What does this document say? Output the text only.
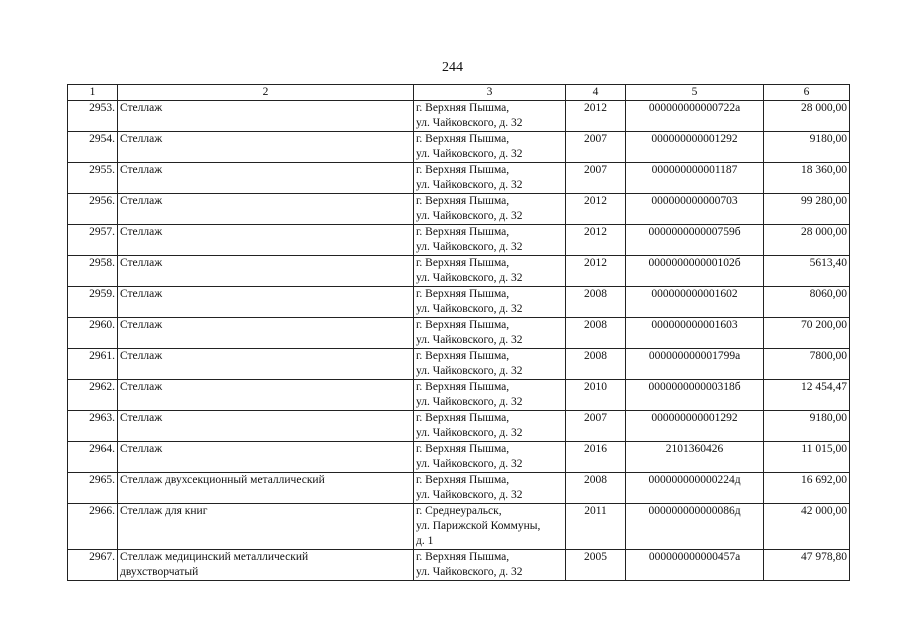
244
1	2	3	4	5	6
2953.	Стеллаж	г. Верхняя Пышма,
ул. Чайковского, д. 32	2012	000000000000722а	28 000,00
2954.	Стеллаж	г. Верхняя Пышма,
ул. Чайковского, д. 32	2007	000000000001292	9180,00
2955.	Стеллаж	г. Верхняя Пышма,
ул. Чайковского, д. 32	2007	000000000001187	18 360,00
2956.	Стеллаж	г. Верхняя Пышма,
ул. Чайковского, д. 32	2012	000000000000703	99 280,00
2957.	Стеллаж	г. Верхняя Пышма,
ул. Чайковского, д. 32	2012	000000000000759б	28 000,00
2958.	Стеллаж	г. Верхняя Пышма,
ул. Чайковского, д. 32	2012	000000000000102б	5613,40
2959.	Стеллаж	г. Верхняя Пышма,
ул. Чайковского, д. 32	2008	000000000001602	8060,00
2960.	Стеллаж	г. Верхняя Пышма,
ул. Чайковского, д. 32	2008	000000000001603	70 200,00
2961.	Стеллаж	г. Верхняя Пышма,
ул. Чайковского, д. 32	2008	000000000001799а	7800,00
2962.	Стеллаж	г. Верхняя Пышма,
ул. Чайковского, д. 32	2010	000000000000318б	12 454,47
2963.	Стеллаж	г. Верхняя Пышма,
ул. Чайковского, д. 32	2007	000000000001292	9180,00
2964.	Стеллаж	г. Верхняя Пышма,
ул. Чайковского, д. 32	2016	2101360426	11 015,00
2965.	Стеллаж двухсекционный металлический	г. Верхняя Пышма,
ул. Чайковского, д. 32	2008	000000000000224д	16 692,00
2966.	Стеллаж для книг	г. Среднеуральск,
ул. Парижской Коммуны,
д. 1	2011	000000000000086д	42 000,00
2967.	Стеллаж медицинский металлический
двухстворчатый	г. Верхняя Пышма,
ул. Чайковского, д. 32	2005	000000000000457а	47 978,80
